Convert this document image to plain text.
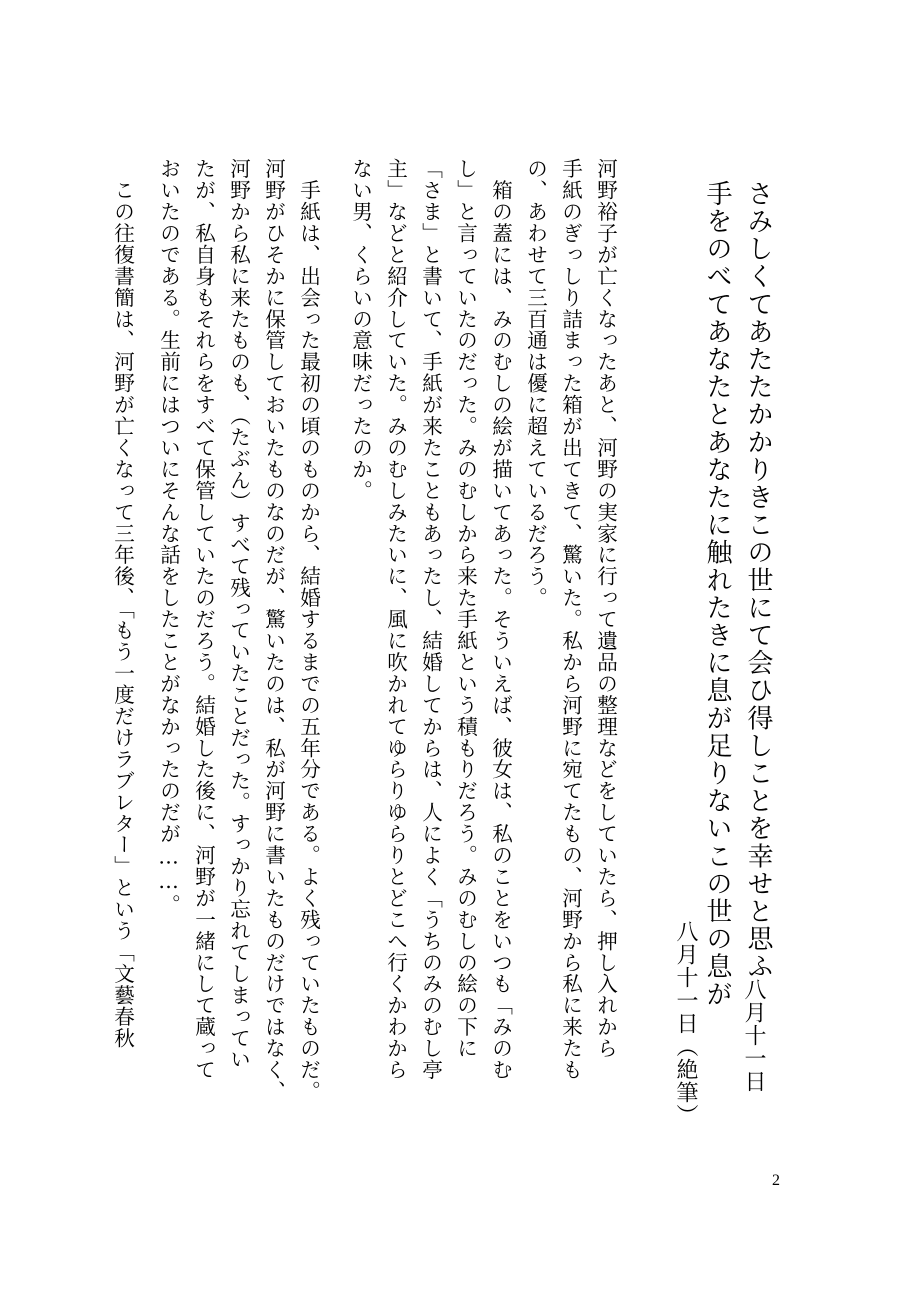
さみしくてあたたかかりきこの世にて会ひ得しことを幸せと思ふ
八月十一日
手をのべてあなたとあなたに触れたきに息が足りないこの世の息が
八月十一日（絶筆）
河野裕子が亡くなったあと、河野の実家に行って遺品の整理などをしていたら、押し入れから
手紙のぎっしり詰まった箱が出てきて、驚いた。私から河野に宛てたもの、河野から私に来たも
の、あわせて三百通は優に超えているだろう。
　箱の蓋には、みのむしの絵が描いてあった。そういえば、彼女は、私のことをいつも「みのむ
し」と言っていたのだった。みのむしから来た手紙という積もりだろう。みのむしの絵の下に
「さま」と書いて、手紙が来たこともあったし、結婚してからは、人によく「うちのみのむし亭
主」などと紹介していた。みのむしみたいに、風に吹かれてゆらりゆらりとどこへ行くかわから
ない男、くらいの意味だったのか。
　手紙は、出会った最初の頃のものから、結婚するまでの五年分である。よく残っていたものだ。
河野がひそかに保管しておいたものなのだが、驚いたのは、私が河野に書いたものだけではなく、
河野から私に来たものも、（たぶん）すべて残っていたことだった。すっかり忘れてしまってい
たが、私自身もそれらをすべて保管していたのだろう。結婚した後に、河野が一緒にして蔵って
おいたのである。生前にはついにそんな話をしたことがなかったのだが……。
　この往復書簡は、河野が亡くなって三年後、「もう一度だけラブレター」という「文藝春秋
2
